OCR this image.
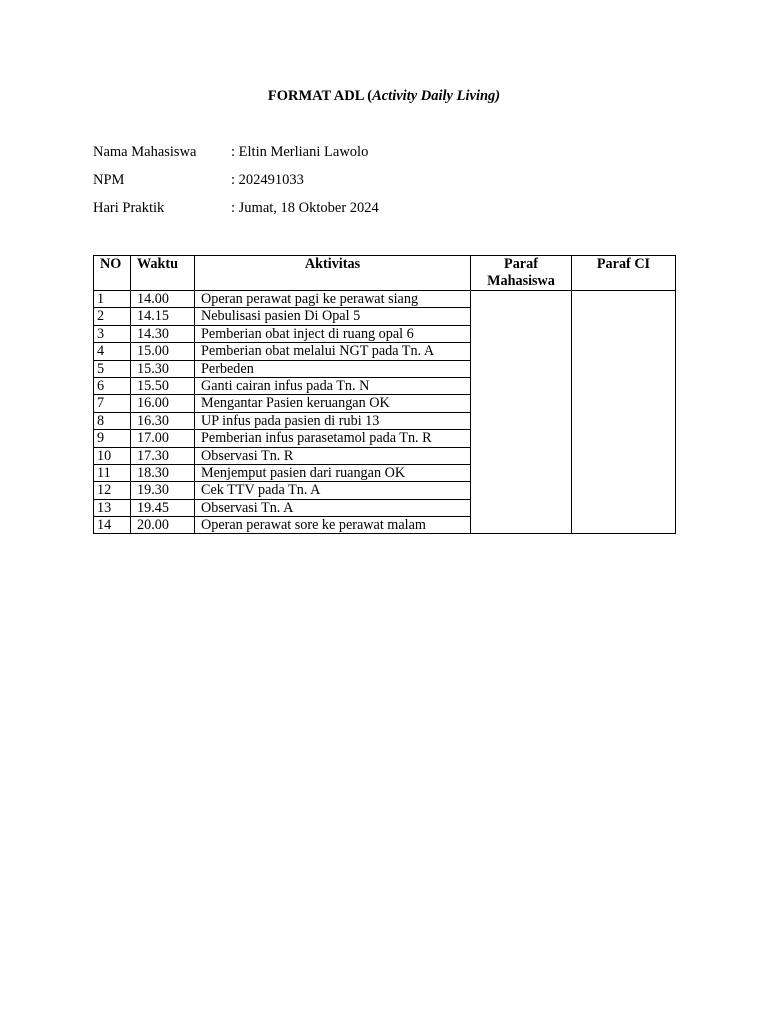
FORMAT ADL (Activity Daily Living)
Nama Mahasiswa : Eltin Merliani Lawolo
NPM	: 202491033
Hari Praktik	: Jumat, 18 Oktober 2024
NO	Waktu	Aktivitas	Paraf Mahasiswa	Paraf CI
1	14.00	Operan perawat pagi ke perawat siang		
2	14.15	Nebulisasi pasien Di Opal 5		
3	14.30	Pemberian obat inject di ruang opal 6		
4	15.00	Pemberian obat melalui NGT pada Tn. A		
5	15.30	Perbeden		
6	15.50	Ganti cairan infus pada Tn. N		
7	16.00	Mengantar Pasien keruangan OK		
8	16.30	UP infus pada pasien di rubi 13		
9	17.00	Pemberian infus parasetamol pada Tn. R		
10	17.30	Observasi Tn. R		
11	18.30	Menjemput pasien dari ruangan OK		
12	19.30	Cek TTV pada Tn. A		
13	19.45	Observasi Tn. A		
14	20.00	Operan perawat sore ke perawat malam		
